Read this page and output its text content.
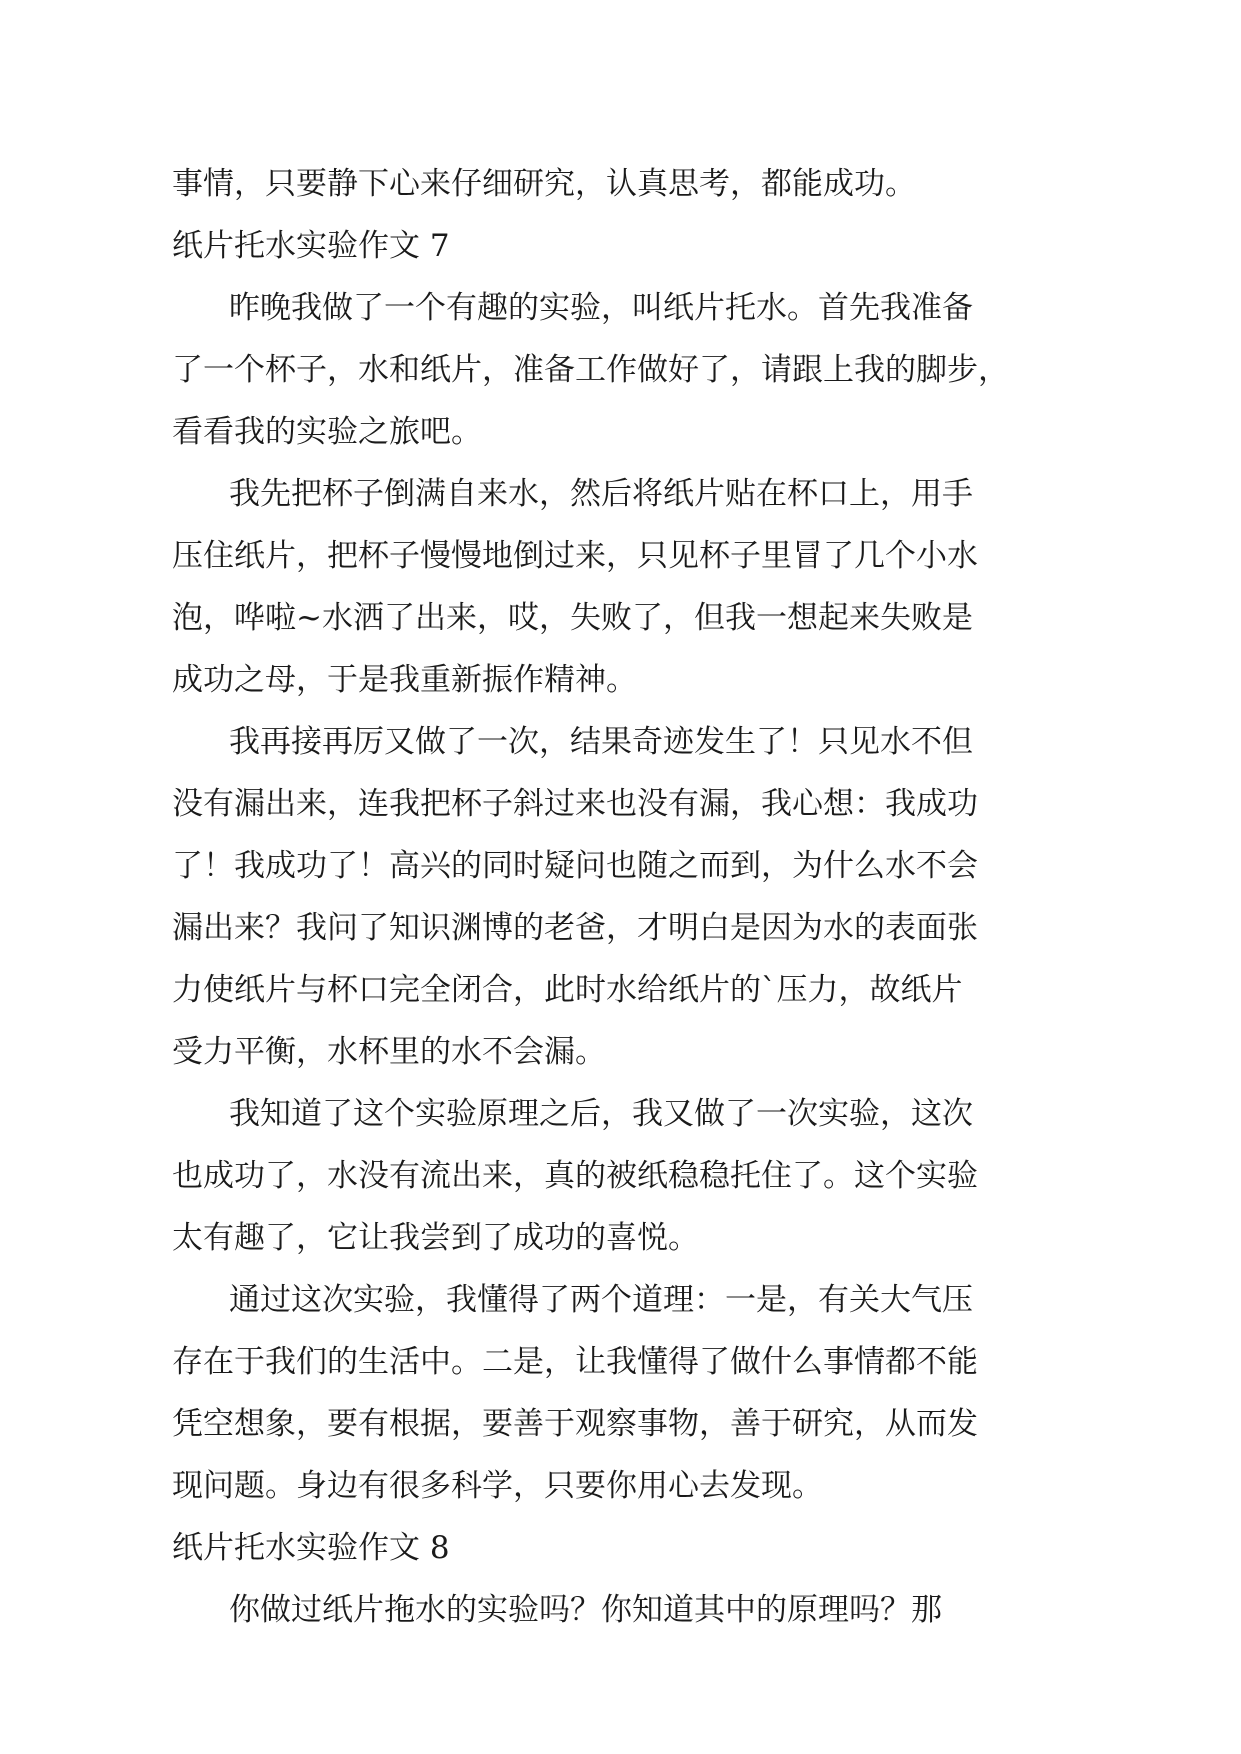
事情，只要静下心来仔细研究，认真思考，都能成功。

纸片托水实验作文 7

昨晚我做了一个有趣的实验，叫纸片托水。首先我准备

了一个杯子，水和纸片，准备工作做好了，请跟上我的脚步，

看看我的实验之旅吧。

我先把杯子倒满自来水，然后将纸片贴在杯口上，用手

压住纸片，把杯子慢慢地倒过来，只见杯子里冒了几个小水

泡，哗啦~水洒了出来，哎，失败了，但我一想起来失败是

成功之母，于是我重新振作精神。

我再接再厉又做了一次，结果奇迹发生了！只见水不但

没有漏出来，连我把杯子斜过来也没有漏，我心想：我成功

了！我成功了！高兴的同时疑问也随之而到，为什么水不会

漏出来？我问了知识渊博的老爸，才明白是因为水的表面张

力使纸片与杯口完全闭合，此时水给纸片的`压力，故纸片

受力平衡，水杯里的水不会漏。

我知道了这个实验原理之后，我又做了一次实验，这次

也成功了，水没有流出来，真的被纸稳稳托住了。这个实验

太有趣了，它让我尝到了成功的喜悦。

通过这次实验，我懂得了两个道理：一是，有关大气压

存在于我们的生活中。二是，让我懂得了做什么事情都不能

凭空想象，要有根据，要善于观察事物，善于研究，从而发

现问题。身边有很多科学，只要你用心去发现。

纸片托水实验作文 8

你做过纸片拖水的实验吗？你知道其中的原理吗？那
